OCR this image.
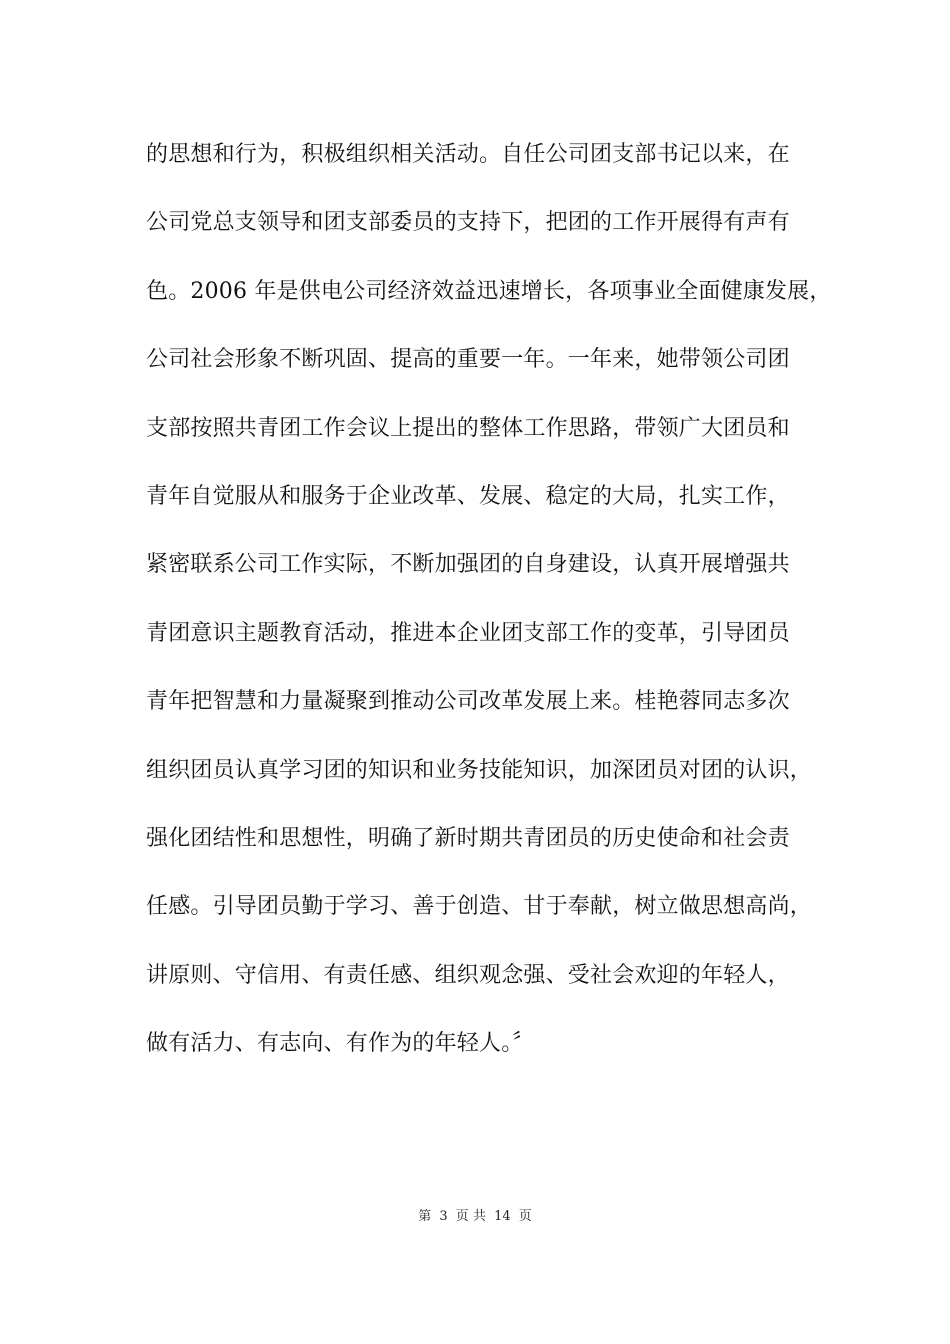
的思想和行为，积极组织相关活动。自任公司团支部书记以来，在
公司党总支领导和团支部委员的支持下，把团的工作开展得有声有
色。2006 年是供电公司经济效益迅速增长，各项事业全面健康发展，
公司社会形象不断巩固、提高的重要一年。一年来，她带领公司团
支部按照共青团工作会议上提出的整体工作思路，带领广大团员和
青年自觉服从和服务于企业改革、发展、稳定的大局，扎实工作，
紧密联系公司工作实际，不断加强团的自身建设，认真开展增强共
青团意识主题教育活动，推进本企业团支部工作的变革，引导团员
青年把智慧和力量凝聚到推动公司改革发展上来。桂艳蓉同志多次
组织团员认真学习团的知识和业务技能知识，加深团员对团的认识，
强化团结性和思想性，明确了新时期共青团员的历史使命和社会责
任感。引导团员勤于学习、善于创造、甘于奉献，树立做思想高尚，
讲原则、守信用、有责任感、组织观念强、受社会欢迎的年轻人，
做有活力、有志向、有作为的年轻人。〞
第 3 页 共 14 页
